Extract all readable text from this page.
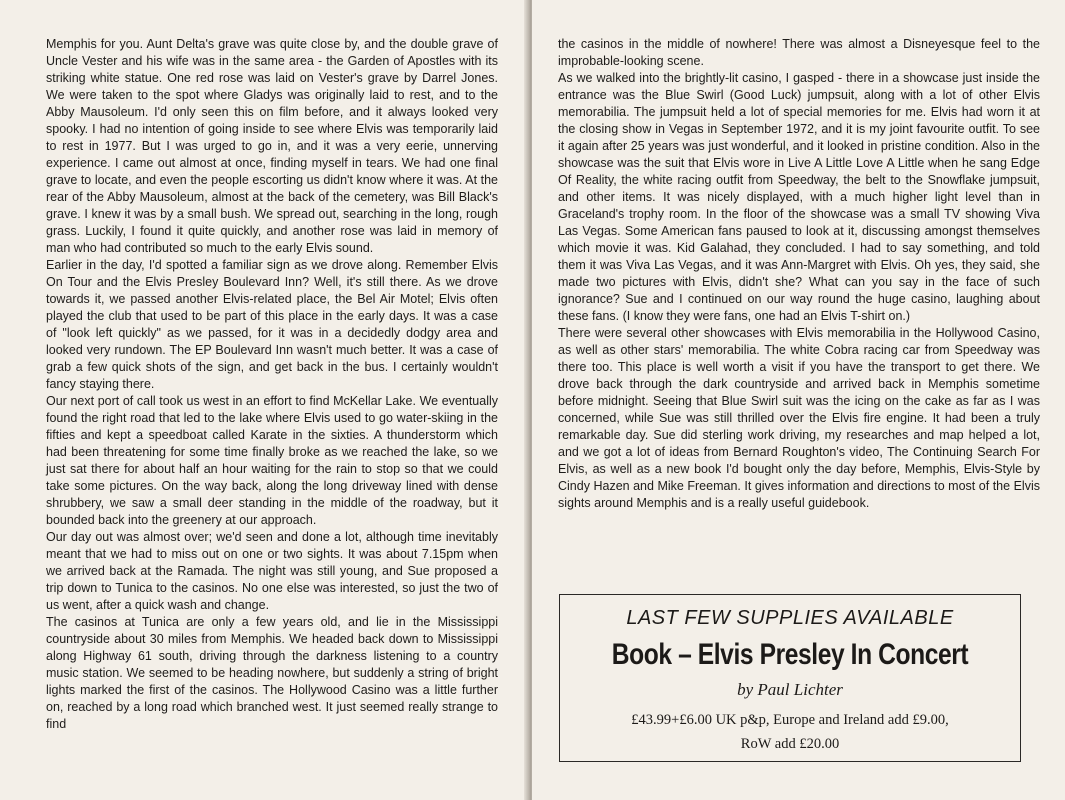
Memphis for you. Aunt Delta's grave was quite close by, and the double grave of Uncle Vester and his wife was in the same area - the Garden of Apostles with its striking white statue. One red rose was laid on Vester's grave by Darrel Jones. We were taken to the spot where Gladys was originally laid to rest, and to the Abby Mausoleum. I'd only seen this on film before, and it always looked very spooky. I had no intention of going inside to see where Elvis was temporarily laid to rest in 1977. But I was urged to go in, and it was a very eerie, unnerving experience. I came out almost at once, finding myself in tears. We had one final grave to locate, and even the people escorting us didn't know where it was. At the rear of the Abby Mausoleum, almost at the back of the cemetery, was Bill Black's grave. I knew it was by a small bush. We spread out, searching in the long, rough grass. Luckily, I found it quite quickly, and another rose was laid in memory of man who had contributed so much to the early Elvis sound.

Earlier in the day, I'd spotted a familiar sign as we drove along. Remember Elvis On Tour and the Elvis Presley Boulevard Inn? Well, it's still there. As we drove towards it, we passed another Elvis-related place, the Bel Air Motel; Elvis often played the club that used to be part of this place in the early days. It was a case of "look left quickly" as we passed, for it was in a decidedly dodgy area and looked very rundown. The EP Boulevard Inn wasn't much better. It was a case of grab a few quick shots of the sign, and get back in the bus. I certainly wouldn't fancy staying there.

Our next port of call took us west in an effort to find McKellar Lake. We eventually found the right road that led to the lake where Elvis used to go water-skiing in the fifties and kept a speedboat called Karate in the sixties. A thunderstorm which had been threatening for some time finally broke as we reached the lake, so we just sat there for about half an hour waiting for the rain to stop so that we could take some pictures. On the way back, along the long driveway lined with dense shrubbery, we saw a small deer standing in the middle of the roadway, but it bounded back into the greenery at our approach.

Our day out was almost over; we'd seen and done a lot, although time inevitably meant that we had to miss out on one or two sights. It was about 7.15pm when we arrived back at the Ramada. The night was still young, and Sue proposed a trip down to Tunica to the casinos. No one else was interested, so just the two of us went, after a quick wash and change.

The casinos at Tunica are only a few years old, and lie in the Mississippi countryside about 30 miles from Memphis. We headed back down to Mississippi along Highway 61 south, driving through the darkness listening to a country music station. We seemed to be heading nowhere, but suddenly a string of bright lights marked the first of the casinos. The Hollywood Casino was a little further on, reached by a long road which branched west. It just seemed really strange to find

the casinos in the middle of nowhere! There was almost a Disneyesque feel to the improbable-looking scene.

As we walked into the brightly-lit casino, I gasped - there in a showcase just inside the entrance was the Blue Swirl (Good Luck) jumpsuit, along with a lot of other Elvis memorabilia. The jumpsuit held a lot of special memories for me. Elvis had worn it at the closing show in Vegas in September 1972, and it is my joint favourite outfit. To see it again after 25 years was just wonderful, and it looked in pristine condition. Also in the showcase was the suit that Elvis wore in Live A Little Love A Little when he sang Edge Of Reality, the white racing outfit from Speedway, the belt to the Snowflake jumpsuit, and other items. It was nicely displayed, with a much higher light level than in Graceland's trophy room. In the floor of the showcase was a small TV showing Viva Las Vegas. Some American fans paused to look at it, discussing amongst themselves which movie it was. Kid Galahad, they concluded. I had to say something, and told them it was Viva Las Vegas, and it was Ann-Margret with Elvis. Oh yes, they said, she made two pictures with Elvis, didn't she? What can you say in the face of such ignorance? Sue and I continued on our way round the huge casino, laughing about these fans. (I know they were fans, one had an Elvis T-shirt on.)

There were several other showcases with Elvis memorabilia in the Hollywood Casino, as well as other stars' memorabilia. The white Cobra racing car from Speedway was there too. This place is well worth a visit if you have the transport to get there. We drove back through the dark countryside and arrived back in Memphis sometime before midnight. Seeing that Blue Swirl suit was the icing on the cake as far as I was concerned, while Sue was still thrilled over the Elvis fire engine. It had been a truly remarkable day. Sue did sterling work driving, my researches and map helped a lot, and we got a lot of ideas from Bernard Roughton's video, The Continuing Search For Elvis, as well as a new book I'd bought only the day before, Memphis, Elvis-Style by Cindy Hazen and Mike Freeman. It gives information and directions to most of the Elvis sights around Memphis and is a really useful guidebook.

LAST FEW SUPPLIES AVAILABLE
Book – Elvis Presley In Concert
by Paul Lichter
£43.99+£6.00 UK p&p, Europe and Ireland add £9.00,
RoW add £20.00
